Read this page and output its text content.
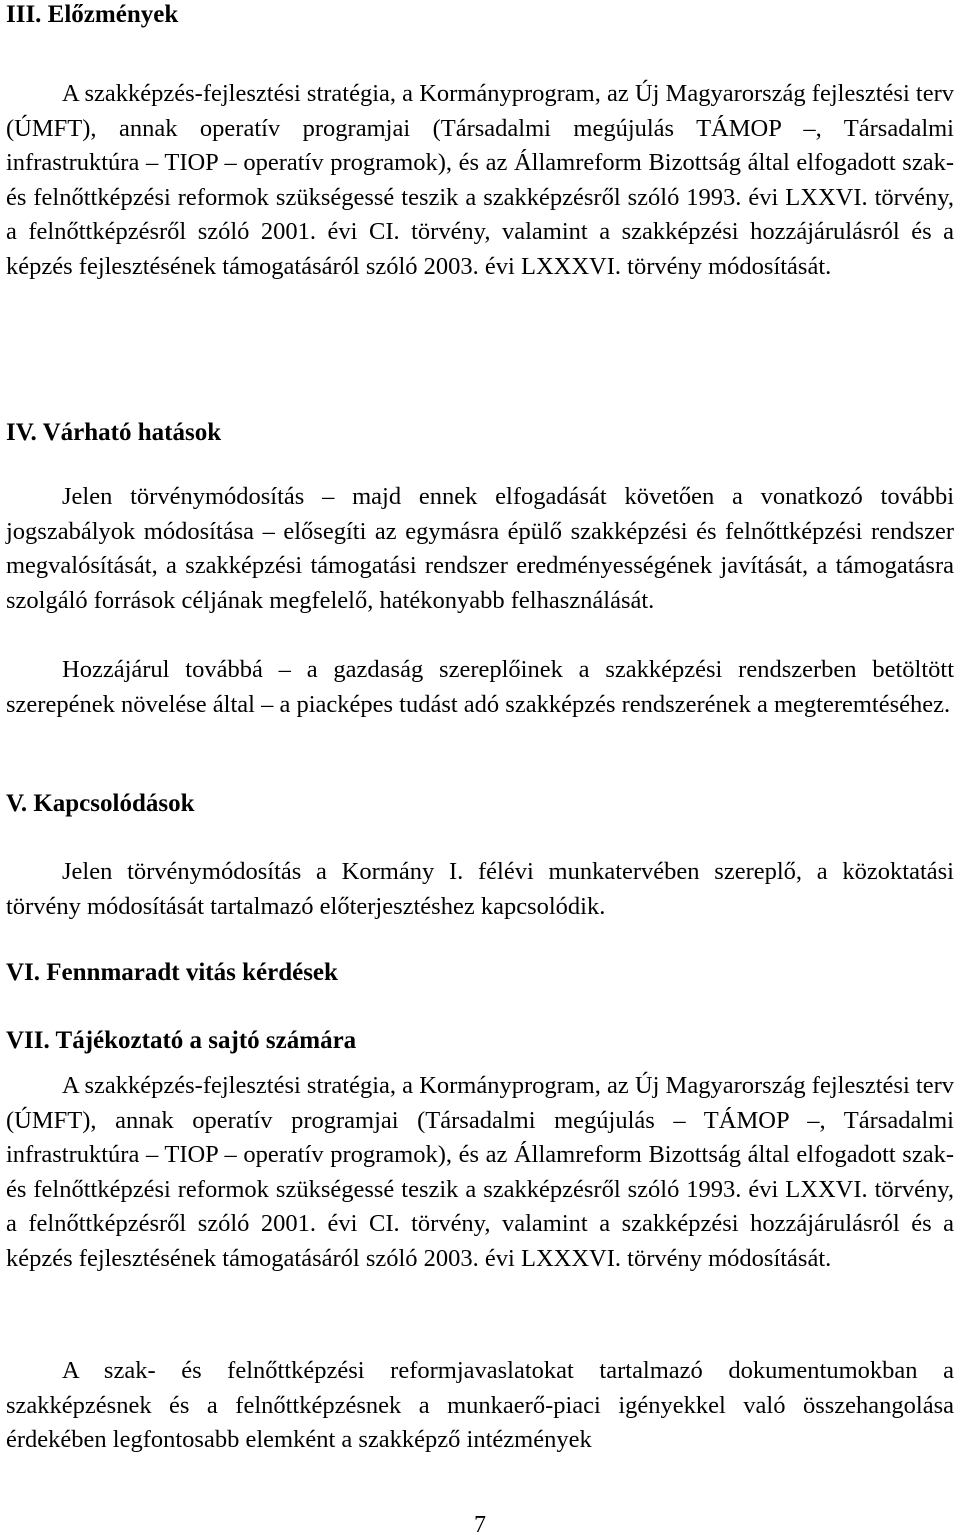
III. Előzmények

A szakképzés-fejlesztési stratégia, a Kormányprogram, az Új Magyarország fejlesztési terv (ÚMFT), annak operatív programjai (Társadalmi megújulás TÁMOP –, Társadalmi infrastruktúra – TIOP – operatív programok), és az Államreform Bizottság által elfogadott szak- és felnőttképzési reformok szükségessé teszik a szakképzésről szóló 1993. évi LXXVI. törvény, a felnőttképzésről szóló 2001. évi CI. törvény, valamint a szakképzési hozzájárulásról és a képzés fejlesztésének támogatásáról szóló 2003. évi LXXXVI. törvény módosítását.

IV. Várható hatások

Jelen törvénymódosítás – majd ennek elfogadását követően a vonatkozó további jogszabályok módosítása – elősegíti az egymásra épülő szakképzési és felnőttképzési rendszer megvalósítását, a szakképzési támogatási rendszer eredményességének javítását, a támogatásra szolgáló források céljának megfelelő, hatékonyabb felhasználását.

Hozzájárul továbbá – a gazdaság szereplőinek a szakképzési rendszerben betöltött szerepének növelése által – a piacképes tudást adó szakképzés rendszerének a megteremtéséhez.

V. Kapcsolódások

Jelen törvénymódosítás a Kormány I. félévi munkatervében szereplő, a közoktatási törvény módosítását tartalmazó előterjesztéshez kapcsolódik.

VI. Fennmaradt vitás kérdések
VII. Tájékoztató a sajtó számára

A szakképzés-fejlesztési stratégia, a Kormányprogram, az Új Magyarország fejlesztési terv (ÚMFT), annak operatív programjai (Társadalmi megújulás – TÁMOP –, Társadalmi infrastruktúra – TIOP – operatív programok), és az Államreform Bizottság által elfogadott szak- és felnőttképzési reformok szükségessé teszik a szakképzésről szóló 1993. évi LXXVI. törvény, a felnőttképzésről szóló 2001. évi CI. törvény, valamint a szakképzési hozzájárulásról és a képzés fejlesztésének támogatásáról szóló 2003. évi LXXXVI. törvény módosítását.

A szak- és felnőttképzési reformjavaslatokat tartalmazó dokumentumokban a szakképzésnek és a felnőttképzésnek a munkaerő-piaci igényekkel való összehangolása érdekében legfontosabb elemként a szakképző intézmények

7
